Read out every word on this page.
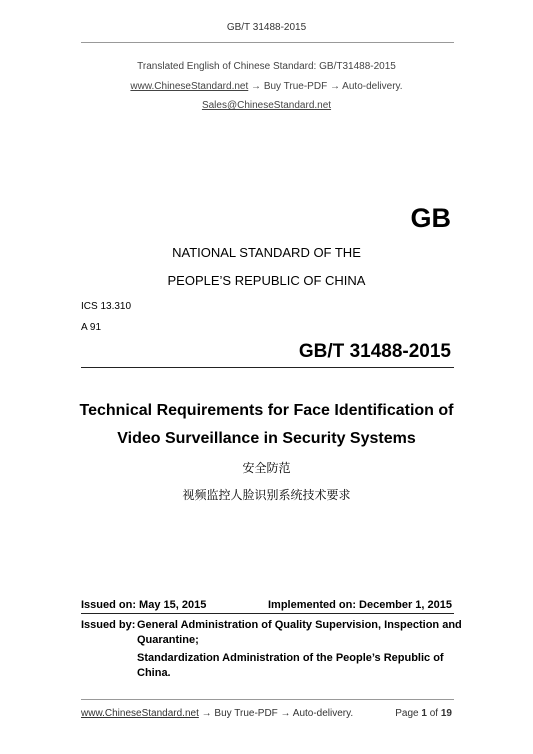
GB/T 31488-2015
Translated English of Chinese Standard: GB/T31488-2015
www.ChineseStandard.net → Buy True-PDF → Auto-delivery.
Sales@ChineseStandard.net
GB
NATIONAL STANDARD OF THE
PEOPLE’S REPUBLIC OF CHINA
ICS 13.310
A 91
GB/T 31488-2015
Technical Requirements for Face Identification of
Video Surveillance in Security Systems
安全防范
视频监控人脸识别系统技术要求
Issued on: May 15, 2015	Implemented on: December 1, 2015
Issued by: General Administration of Quality Supervision, Inspection and
Quarantine;
Standardization Administration of the People’s Republic of
China.
www.ChineseStandard.net → Buy True-PDF → Auto-delivery.	Page 1 of 19
